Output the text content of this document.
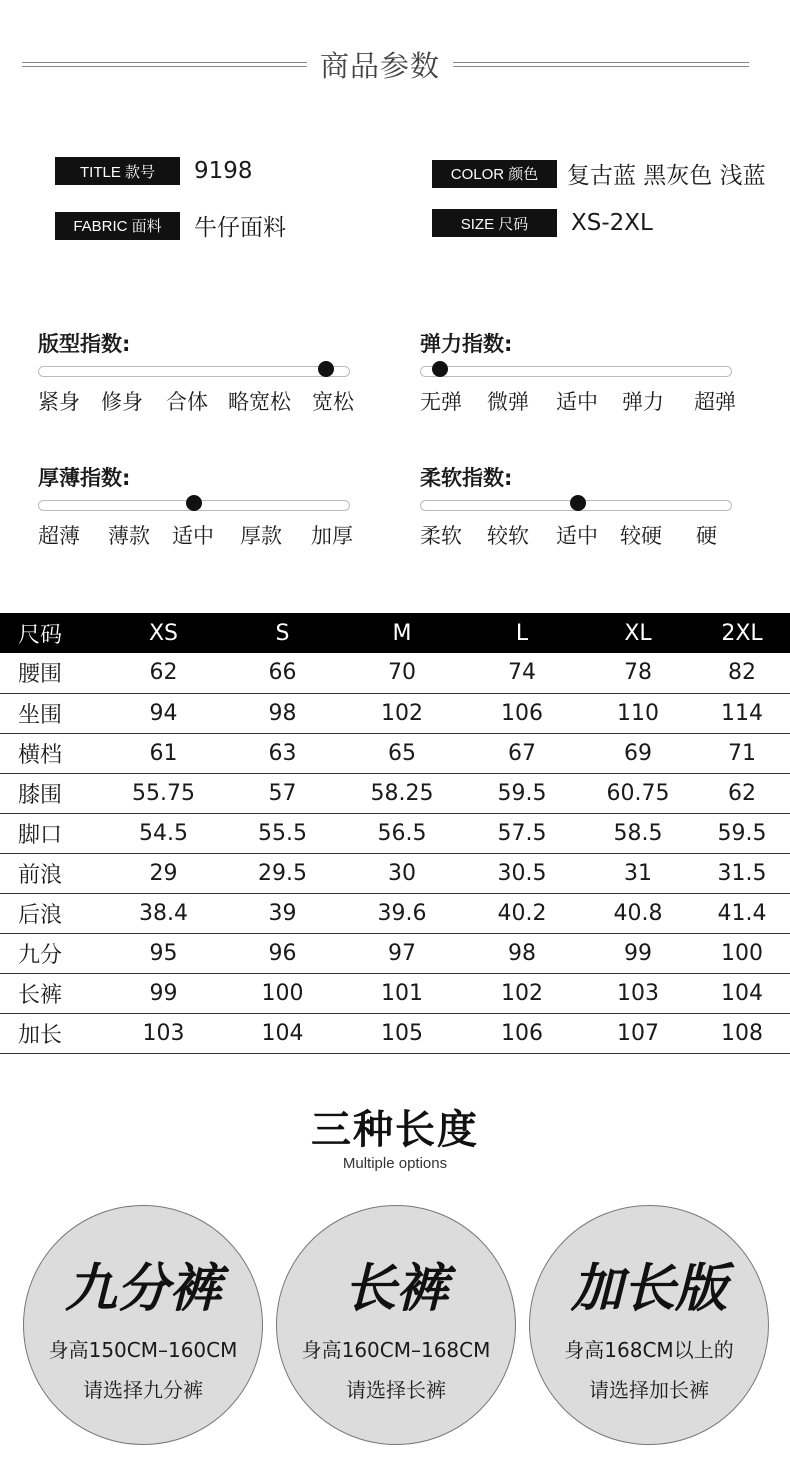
商品参数
TITLE 款号	9198
FABRIC 面料	牛仔面料
COLOR 颜色	复古蓝 黑灰色 浅蓝
SIZE 尺码	XS-2XL
版型指数:
紧身 修身 合体 略宽松 宽松
弹力指数:
无弹 微弹 适中 弹力 超弹
厚薄指数:
超薄 薄款 适中 厚款 加厚
柔软指数:
柔软 较软 适中 较硬 硬
尺码	XS	S	M	L	XL	2XL
腰围	62	66	70	74	78	82
坐围	94	98	102	106	110	114
横档	61	63	65	67	69	71
膝围	55.75	57	58.25	59.5	60.75	62
脚口	54.5	55.5	56.5	57.5	58.5	59.5
前浪	29	29.5	30	30.5	31	31.5
后浪	38.4	39	39.6	40.2	40.8	41.4
九分	95	96	97	98	99	100
长裤	99	100	101	102	103	104
加长	103	104	105	106	107	108
三种长度
Multiple options
九分裤
身高150CM–160CM
请选择九分裤
长裤
身高160CM–168CM
请选择长裤
加长版
身高168CM以上的
请选择加长裤
